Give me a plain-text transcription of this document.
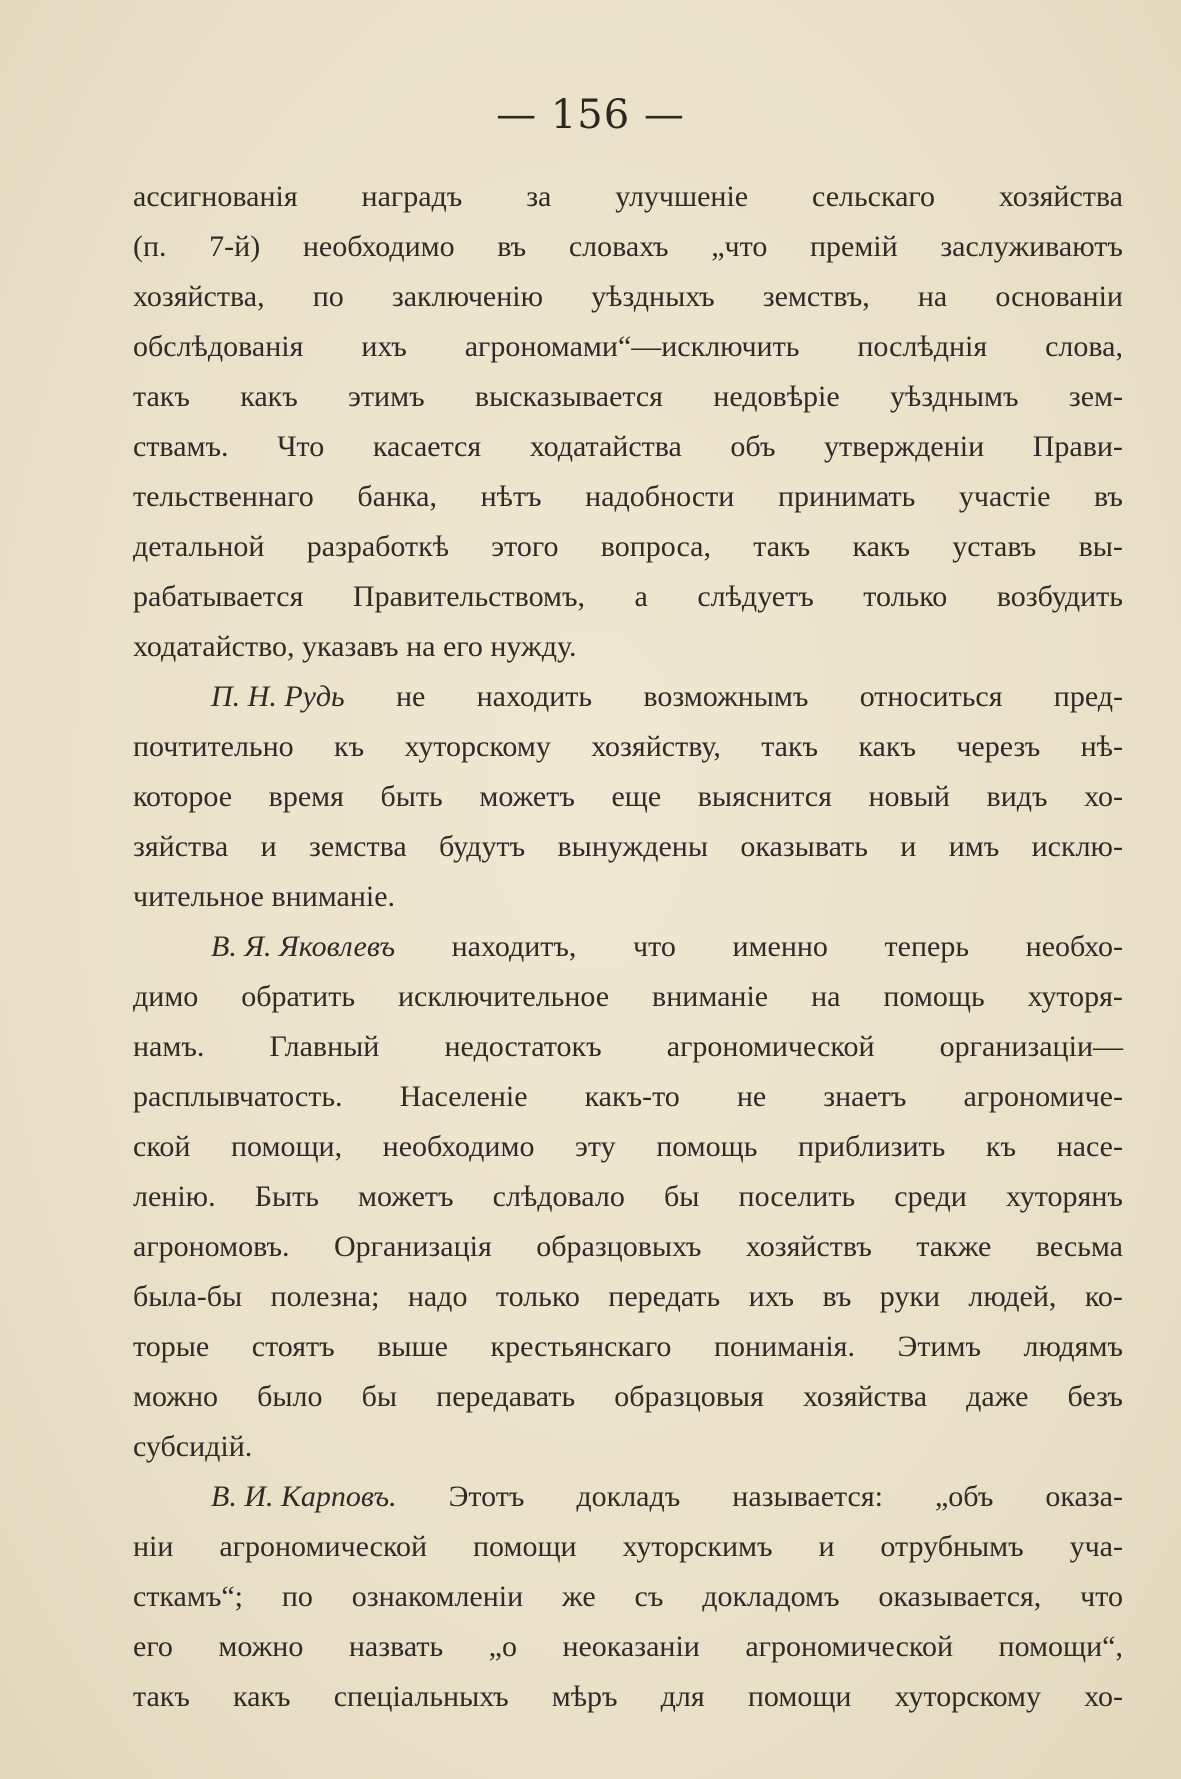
— 156 —
ассигнованія наградъ за улучшеніе сельскаго хозяйства
(п. 7-й) необходимо въ словахъ „что премій заслуживаютъ
хозяйства, по заключенію уѣздныхъ земствъ, на основаніи
обслѣдованія ихъ агрономами“—исключить послѣднія слова,
такъ какъ этимъ высказывается недовѣріе уѣзднымъ зем-
ствамъ. Что касается ходатайства объ утвержденіи Прави-
тельственнаго банка, нѣтъ надобности принимать участіе въ
детальной разработкѣ этого вопроса, такъ какъ уставъ вы-
рабатывается Правительствомъ, а слѣдуетъ только возбудить
ходатайство,
указавъ
на
его
нужду.
П. Н. Рудь не находить возможнымъ относиться пред-
почтительно къ хуторскому хозяйству, такъ какъ черезъ нѣ-
которое время быть можетъ еще выяснится новый видъ хо-
зяйства и земства будутъ вынуждены оказывать и имъ исклю-
чительное
вниманіе.
В. Я. Яковлевъ находитъ, что именно теперь необхо-
димо обратить исключительное вниманіе на помощь хуторя-
намъ. Главный недостатокъ агрономической организаціи—
расплывчатость. Населеніе какъ-то не знаетъ агрономиче-
ской помощи, необходимо эту помощь приблизить къ насе-
ленію. Быть можетъ слѣдовало бы поселить среди хуторянъ
агрономовъ. Организація образцовыхъ хозяйствъ также весьма
была-бы полезна; надо только передать ихъ въ руки людей, ко-
торые стоятъ выше крестьянскаго пониманія. Этимъ людямъ
можно было бы передавать образцовыя хозяйства даже безъ
субсидій.
В. И. Карповъ. Этотъ докладъ называется: „объ оказа-
ніи агрономической помощи хуторскимъ и отрубнымъ уча-
сткамъ“; по ознакомленіи же съ докладомъ оказывается, что
его можно назвать „о неоказаніи агрономической помощи“,
такъ какъ спеціальныхъ мѣръ для помощи хуторскому хо-
